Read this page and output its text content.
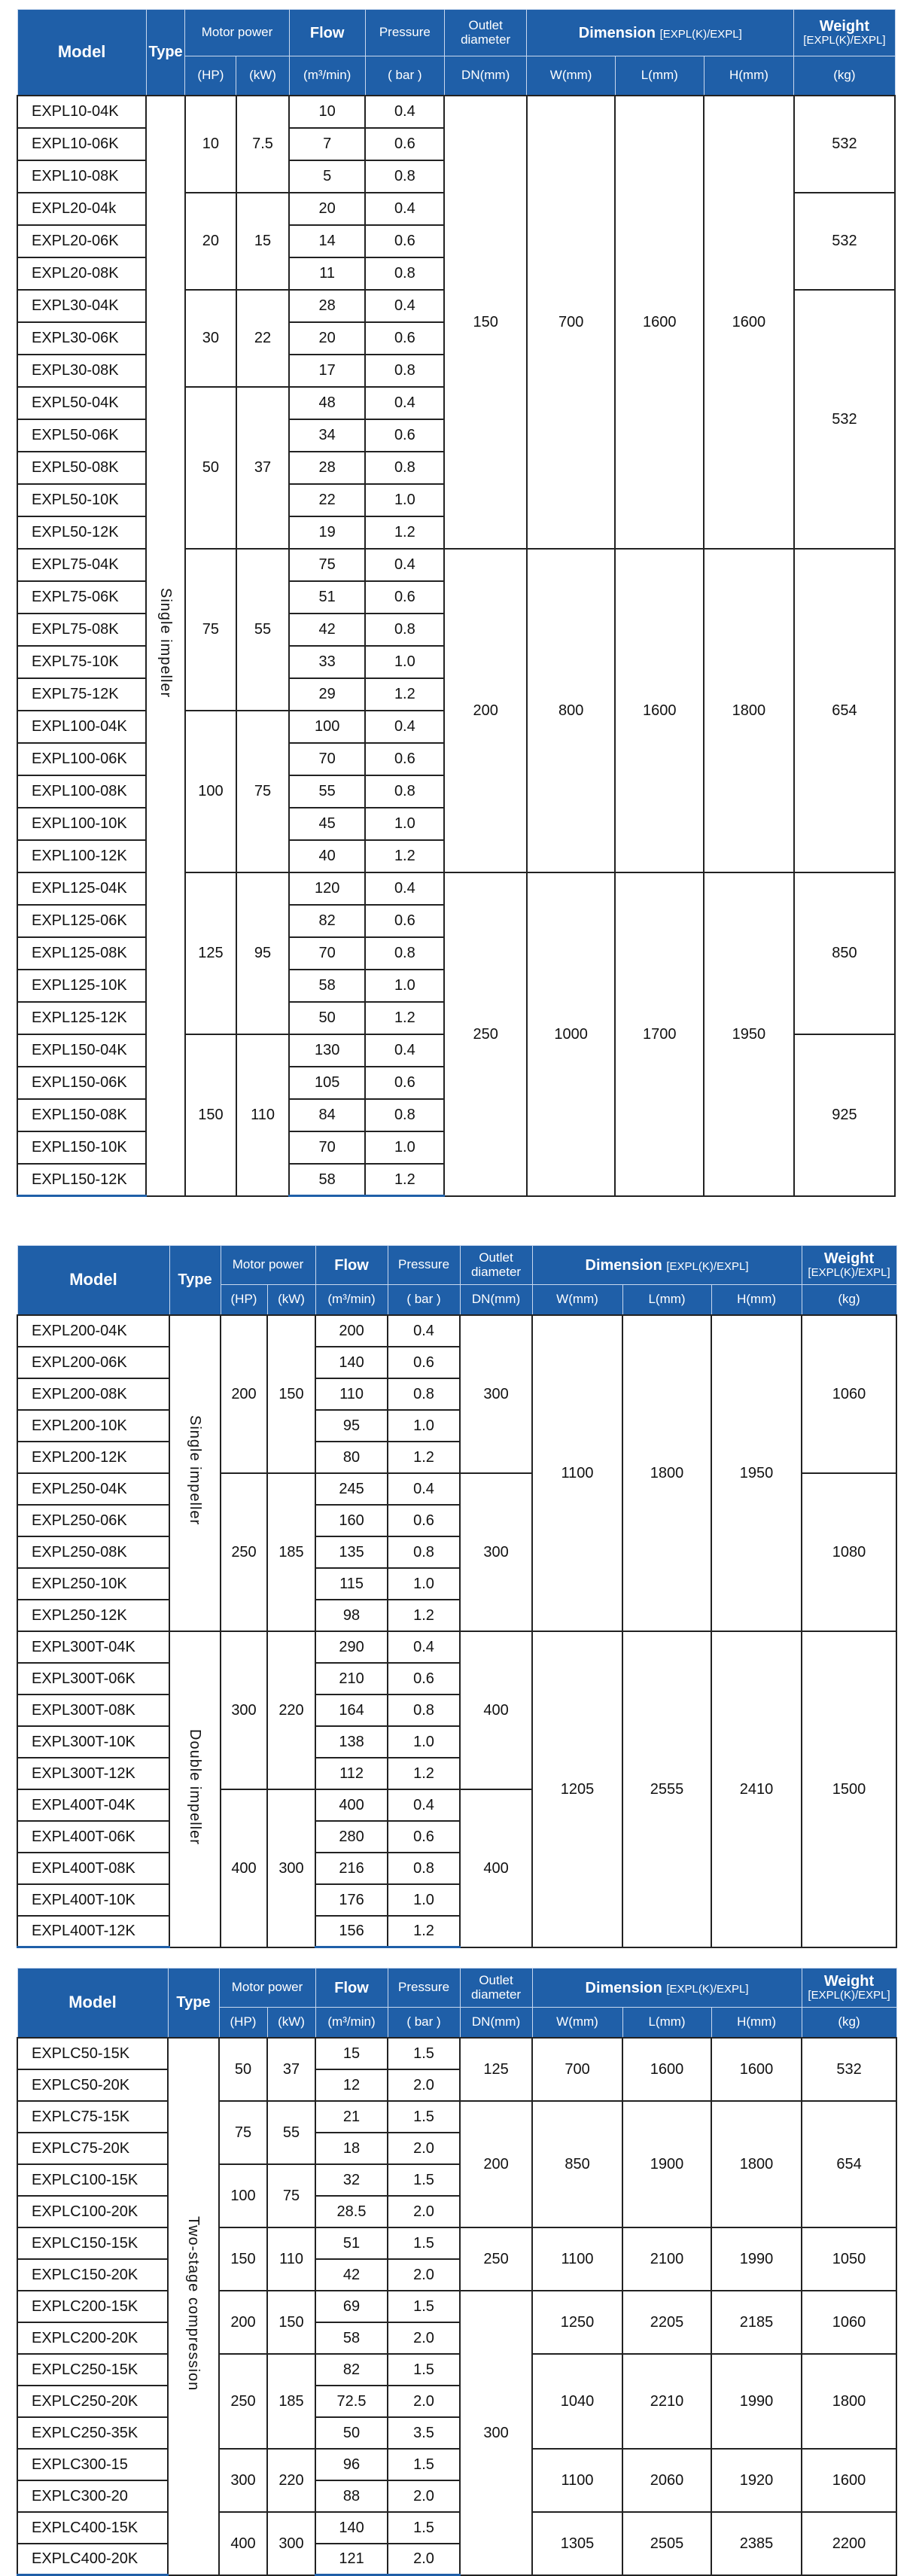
Model	Type	Motor power		Flow	Pressure	Outlet diameter	Dimension [EXPL(K)/EXPL]			Weight
[EXPL(K)/EXPL]

		(HP)	(kW)	(m³/min)	( bar )	DN(mm)	W(mm)	L(mm)	H(mm)	(kg)
EXPL10-04K	Single impeller	10	7.5	10	0.4	150	700	1600	1600	532
EXPL10-06K				7	0.6					
EXPL10-08K				5	0.8					
EXPL20-04k		20	15	20	0.4					532
EXPL20-06K				14	0.6					
EXPL20-08K				11	0.8					
EXPL30-04K		30	22	28	0.4					532
EXPL30-06K				20	0.6					
EXPL30-08K				17	0.8					
EXPL50-04K		50	37	48	0.4					
EXPL50-06K				34	0.6					
EXPL50-08K				28	0.8					
EXPL50-10K				22	1.0					
EXPL50-12K				19	1.2					
EXPL75-04K		75	55	75	0.4	200	800	1600	1800	654
EXPL75-06K				51	0.6					
EXPL75-08K				42	0.8					
EXPL75-10K				33	1.0					
EXPL75-12K				29	1.2					
EXPL100-04K		100	75	100	0.4					
EXPL100-06K				70	0.6					
EXPL100-08K				55	0.8					
EXPL100-10K				45	1.0					
EXPL100-12K				40	1.2					
EXPL125-04K		125	95	120	0.4	250	1000	1700	1950	850
EXPL125-06K				82	0.6					
EXPL125-08K				70	0.8					
EXPL125-10K				58	1.0					
EXPL125-12K				50	1.2					
EXPL150-04K		150	110	130	0.4					925
EXPL150-06K				105	0.6					
EXPL150-08K				84	0.8					
EXPL150-10K				70	1.0					
EXPL150-12K				58	1.2					
Model	Type	Motor power		Flow	Pressure	Outlet diameter	Dimension [EXPL(K)/EXPL]			Weight
[EXPL(K)/EXPL]

		(HP)	(kW)	(m³/min)	( bar )	DN(mm)	W(mm)	L(mm)	H(mm)	(kg)
EXPL200-04K	Single impeller	200	150	200	0.4	300	1100	1800	1950	1060
EXPL200-06K				140	0.6					
EXPL200-08K				110	0.8					
EXPL200-10K				95	1.0					
EXPL200-12K				80	1.2					
EXPL250-04K		250	185	245	0.4	300				1080
EXPL250-06K				160	0.6					
EXPL250-08K				135	0.8					
EXPL250-10K				115	1.0					
EXPL250-12K				98	1.2					
EXPL300T-04K	Double impeller	300	220	290	0.4	400	1205	2555	2410	1500
EXPL300T-06K				210	0.6					
EXPL300T-08K				164	0.8					
EXPL300T-10K				138	1.0					
EXPL300T-12K				112	1.2					
EXPL400T-04K		400	300	400	0.4	400				
EXPL400T-06K				280	0.6					
EXPL400T-08K				216	0.8					
EXPL400T-10K				176	1.0					
EXPL400T-12K				156	1.2					
Model	Type	Motor power		Flow	Pressure	Outlet diameter	Dimension [EXPL(K)/EXPL]			Weight
[EXPL(K)/EXPL]

		(HP)	(kW)	(m³/min)	( bar )	DN(mm)	W(mm)	L(mm)	H(mm)	(kg)
EXPLC50-15K	Two-stage compression	50	37	15	1.5	125	700	1600	1600	532
EXPLC50-20K				12	2.0					
EXPLC75-15K		75	55	21	1.5	200	850	1900	1800	654
EXPLC75-20K				18	2.0					
EXPLC100-15K		100	75	32	1.5					
EXPLC100-20K				28.5	2.0					
EXPLC150-15K		150	110	51	1.5	250	1100	2100	1990	1050
EXPLC150-20K				42	2.0					
EXPLC200-15K		200	150	69	1.5	300	1250	2205	2185	1060
EXPLC200-20K				58	2.0					
EXPLC250-15K		250	185	82	1.5		1040	2210	1990	1800
EXPLC250-20K				72.5	2.0					
EXPLC250-35K				50	3.5					
EXPLC300-15		300	220	96	1.5		1100	2060	1920	1600
EXPLC300-20				88	2.0					
EXPLC400-15K		400	300	140	1.5		1305	2505	2385	2200
EXPLC400-20K				121	2.0					
